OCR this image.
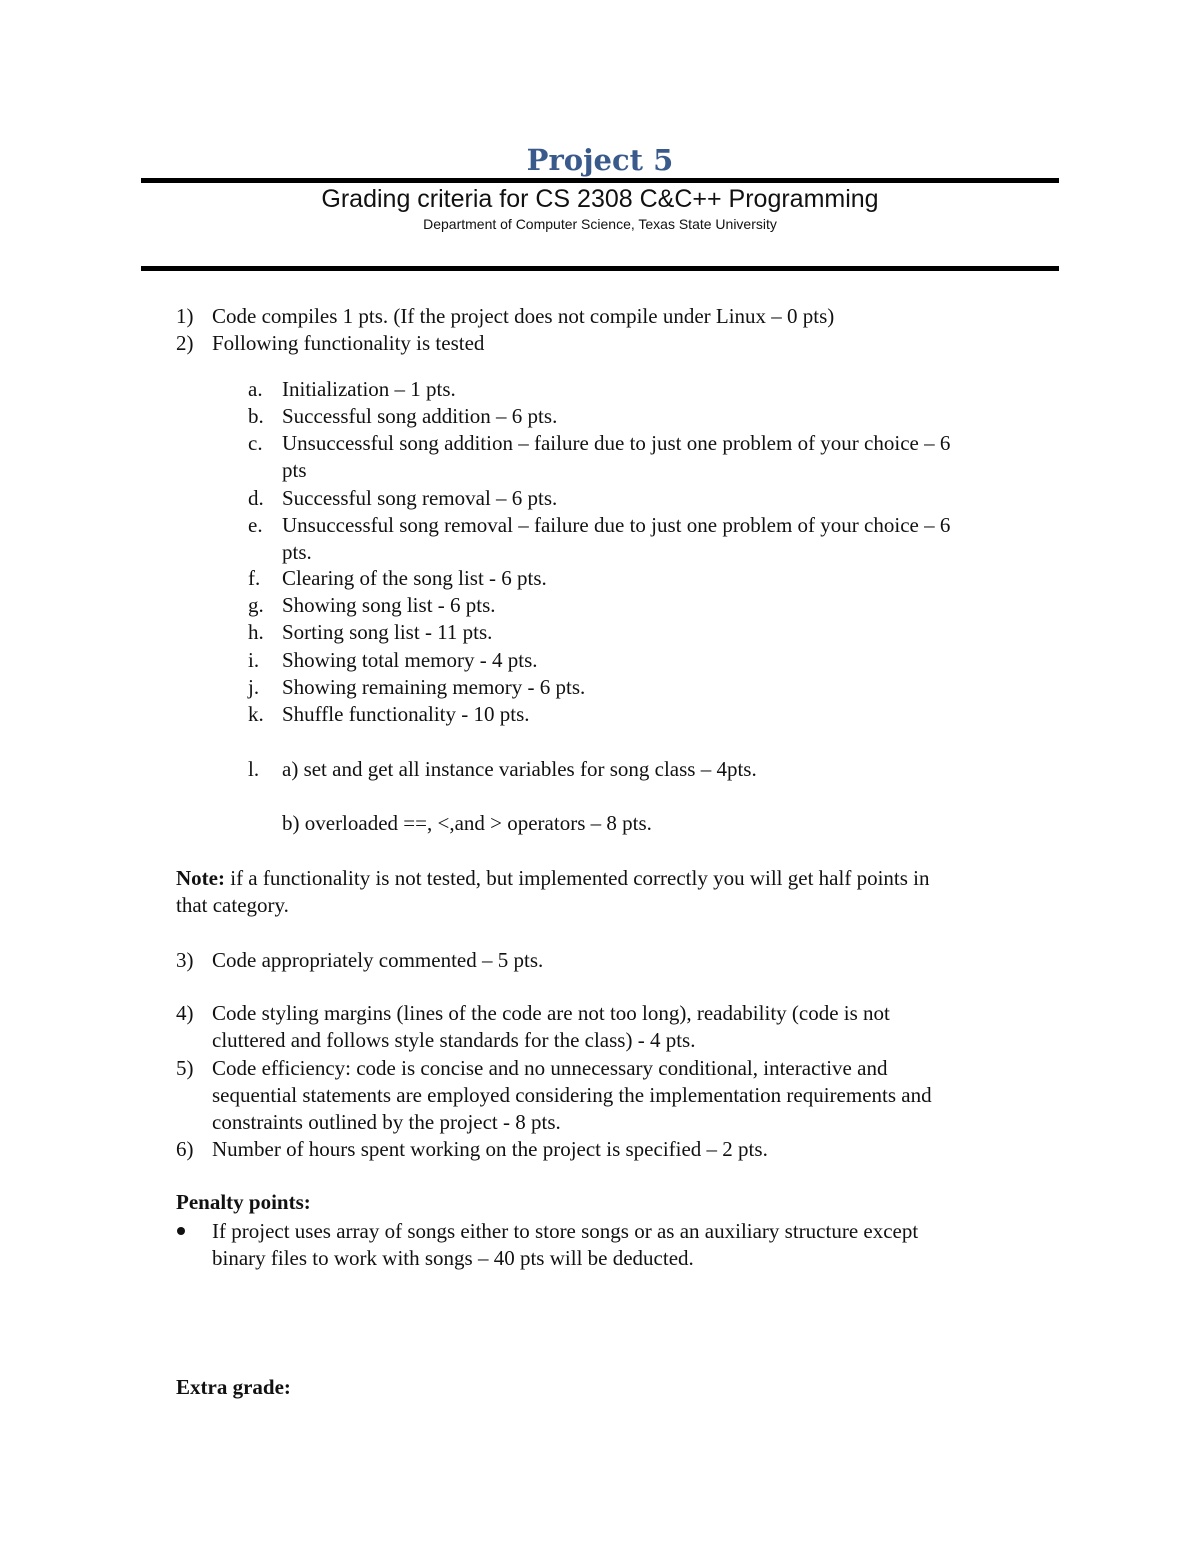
Project 5
Grading criteria for CS 2308 C&C++ Programming
Department of Computer Science, Texas State University
1) Code compiles 1 pts. (If the project does not compile under Linux – 0 pts)
2) Following functionality is tested
a. Initialization – 1 pts.
b. Successful song addition – 6 pts.
c. Unsuccessful song addition – failure due to just one problem of your choice – 6
pts
d. Successful song removal – 6 pts.
e. Unsuccessful song removal – failure due to just one problem of your choice – 6
pts.
f. Clearing of the song list - 6 pts.
g. Showing song list - 6 pts.
h. Sorting song list - 11 pts.
i. Showing total memory - 4 pts.
j. Showing remaining memory - 6 pts.
k. Shuffle functionality - 10 pts.
l. a) set and get all instance variables for song class – 4pts.
b) overloaded ==, <,and > operators – 8 pts.
Note: if a functionality is not tested, but implemented correctly you will get half points in
that category.
3) Code appropriately commented – 5 pts.
4) Code styling margins (lines of the code are not too long), readability (code is not
cluttered and follows style standards for the class) - 4 pts.
5) Code efficiency: code is concise and no unnecessary conditional, interactive and
sequential statements are employed considering the implementation requirements and
constraints outlined by the project - 8 pts.
6) Number of hours spent working on the project is specified – 2 pts.
Penalty points:
If project uses array of songs either to store songs or as an auxiliary structure except
binary files to work with songs – 40 pts will be deducted.
Extra grade:
